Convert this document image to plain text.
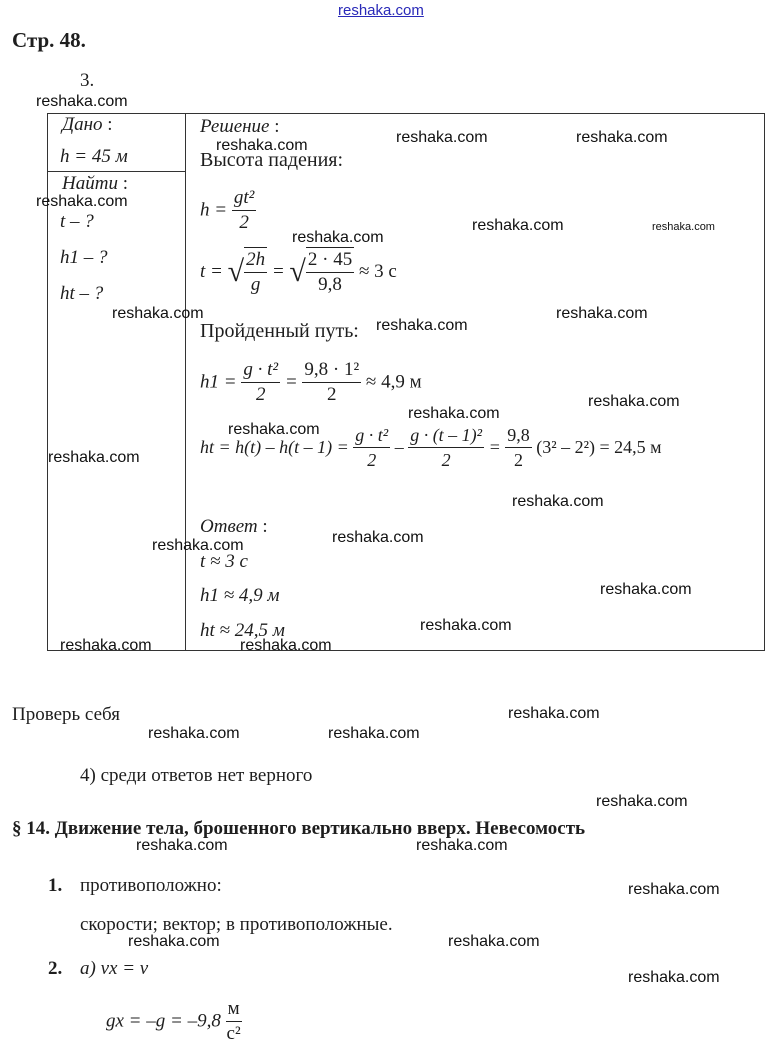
reshaka.com
Стр. 48.
3.
Дано :
h = 45 м
Найти :
t – ?
h1 – ?
ht – ?
Решение :
Высота падения:
$h = \frac{\text{gt²}}{2}$
t = √ $\frac{2h}{g}$ = √ $\frac{2 \cdot 45}{9,8} \approx 3$ с
Пройденный путь:
$h1 = \frac{\text{g · t²}}{2} = \frac{\text{9,8 · 1²}}{2} \approx 4,9$ м
ht = $h(t) - h(t - 1) = \frac{\text{g · t²}}{2} - \frac{\text{g · (t – 1)²}}{2} = \frac{9,8}{2} (3^2 - 2^2) = 24,5$ м
Ответ :
t ≈ 3 с
h1 ≈ 4,9 м
ht ≈ 24,5 м
Проверь себя
4) среди ответов нет верного
§ 14. Движение тела, брошенного вертикально вверх. Невесомость
1. противоположно:
скорости; вектор; в противоположные.
2. а) vx = v
gx = $-g = -9,8 \frac{м}{\text{с²}}$
reshaka.com
reshaka.com	reshaka.com	reshaka.com
reshaka.com
reshaka.com	reshaka.com
reshaka.com
reshaka.com	reshaka.com
reshaka.com
reshaka.com
reshaka.com
reshaka.com
reshaka.com
reshaka.com
reshaka.com
reshaka.com
reshaka.com
reshaka.com
reshaka.com	reshaka.com
reshaka.com
reshaka.com	reshaka.com
reshaka.com
reshaka.com	reshaka.com
reshaka.com
reshaka.com	reshaka.com
reshaka.com
